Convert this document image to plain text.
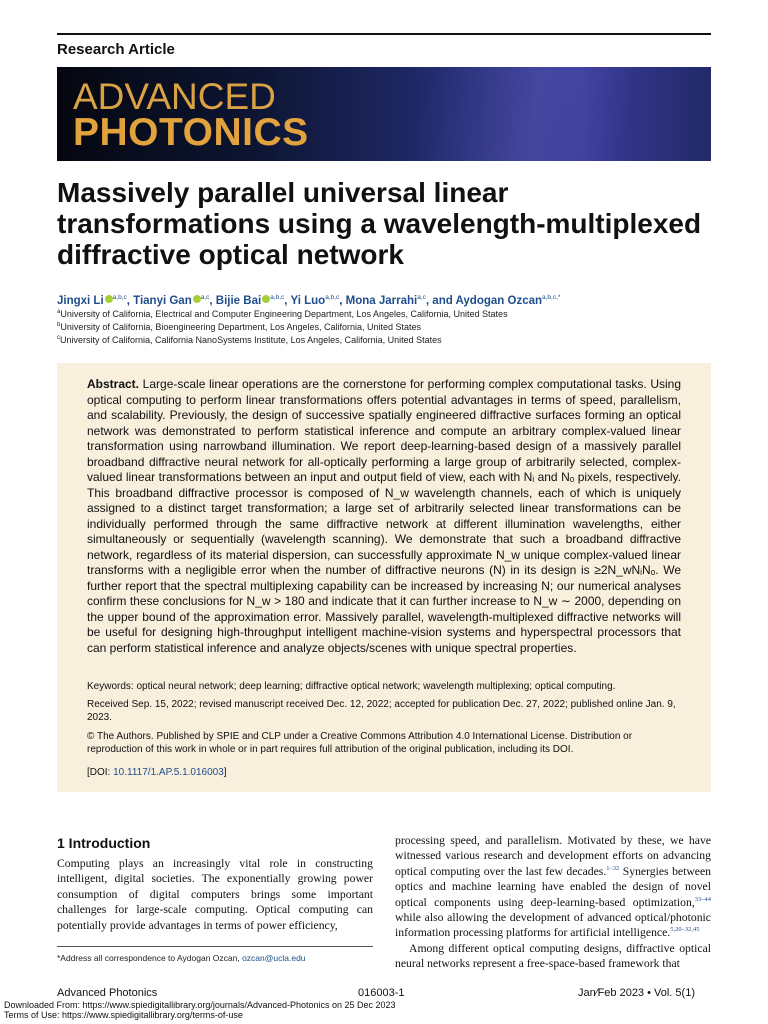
Research Article
ADVANCED
PHOTONICS
Massively parallel universal linear transformations using a wavelength-multiplexed diffractive optical network
Jingxi Li $^{a,b,c}$, Tianyi Gan $^{a,c}$, Bijie Bai $^{a,b,c}$, Yi Luo$^{a,b,c}$, Mona Jarrahi$^{a,c}$, and Aydogan Ozcan$^{a,b,c,*}$
$^a$University of California, Electrical and Computer Engineering Department, Los Angeles, California, United States
$^b$University of California, Bioengineering Department, Los Angeles, California, United States
$^c$University of California, California NanoSystems Institute, Los Angeles, California, United States

Abstract. Large-scale linear operations are the cornerstone for performing complex computational tasks. Using optical computing to perform linear transformations offers potential advantages in terms of speed, parallelism, and scalability. Previously, the design of successive spatially engineered diffractive surfaces forming an optical network was demonstrated to perform statistical inference and compute an arbitrary complex-valued linear transformation using narrowband illumination. We report deep-learning-based design of a massively parallel broadband diffractive neural network for all-optically performing a large group of arbitrarily selected, complex-valued linear transformations between an input and output field of view, each with Nᵢ and Nₒ pixels, respectively. This broadband diffractive processor is composed of N_w wavelength channels, each of which is uniquely assigned to a distinct target transformation; a large set of arbitrarily selected linear transformations can be individually performed through the same diffractive network at different illumination wavelengths, either simultaneously or sequentially (wavelength scanning). We demonstrate that such a broadband diffractive network, regardless of its material dispersion, can successfully approximate N_w unique complex-valued linear transforms with a negligible error when the number of diffractive neurons (N) in its design is ≥2N_wNᵢNₒ. We further report that the spectral multiplexing capability can be increased by increasing N; our numerical analyses confirm these conclusions for N_w > 180 and indicate that it can further increase to N_w ∼ 2000, depending on the upper bound of the approximation error. Massively parallel, wavelength-multiplexed diffractive networks will be useful for designing high-throughput intelligent machine-vision systems and hyperspectral processors that can perform statistical inference and analyze objects/scenes with unique spectral properties.

Keywords: optical neural network; deep learning; diffractive optical network; wavelength multiplexing; optical computing.

Received Sep. 15, 2022; revised manuscript received Dec. 12, 2022; accepted for publication Dec. 27, 2022; published online Jan. 9, 2023.

© The Authors. Published by SPIE and CLP under a Creative Commons Attribution 4.0 International License. Distribution or reproduction of this work in whole or in part requires full attribution of the original publication, including its DOI.

[DOI: 10.1117/1.AP.5.1.016003]

1 Introduction

Computing plays an increasingly vital role in constructing intelligent, digital societies. The exponentially growing power consumption of digital computers brings some important challenges for large-scale computing. Optical computing can potentially provide advantages in terms of power efficiency,

processing speed, and parallelism. Motivated by these, we have witnessed various research and development efforts on advancing optical computing over the last few decades.$^{1-32}$ Synergies between optics and machine learning have enabled the design of novel optical components using deep-learning-based optimization,$^{33-44}$ while also allowing the development of advanced optical/photonic information processing platforms for artificial intelligence.$^{5,20-32,45}$

Among different optical computing designs, diffractive optical neural networks represent a free-space-based framework that

*Address all correspondence to Aydogan Ozcan, ozcan@ucla.edu
Advanced Photonics	016003-1	Jan∕Feb 2023 • Vol. 5(1)
Downloaded From: https://www.spiedigitallibrary.org/journals/Advanced-Photonics on 25 Dec 2023
Terms of Use: https://www.spiedigitallibrary.org/terms-of-use
